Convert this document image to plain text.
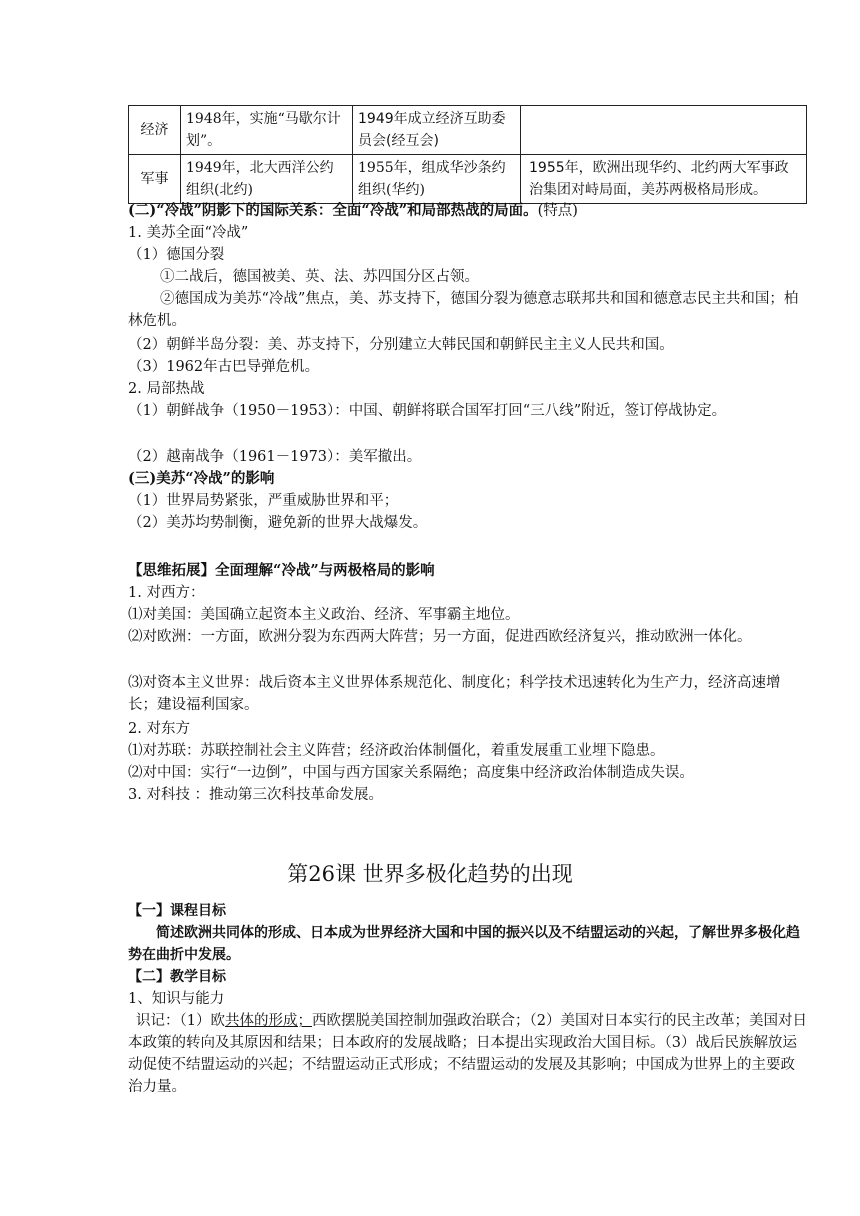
经济	1948年，实施“马歇尔计划”。	1949年成立经济互助委员会(经互会)	
军事	1949年，北大西洋公约组织(北约)	1955年，组成华沙条约组织(华约)	1955年，欧洲出现华约、北约两大军事政治集团对峙局面，美苏两极格局形成。
(二)“冷战”阴影下的国际关系：全面“冷战”和局部热战的局面。(特点)
1. 美苏全面“冷战”
（1）德国分裂
①二战后，德国被美、英、法、苏四国分区占领。
②德国成为美苏“冷战”焦点，美、苏支持下，德国分裂为德意志联邦共和国和德意志民主共和国；柏林危机。
（2）朝鲜半岛分裂：美、苏支持下，分别建立大韩民国和朝鲜民主主义人民共和国。
（3）1962年古巴导弹危机。
2. 局部热战
（1）朝鲜战争（1950－1953）：中国、朝鲜将联合国军打回“三八线”附近，签订停战协定。
（2）越南战争（1961－1973）：美军撤出。
(三)美苏“冷战”的影响
（1）世界局势紧张，严重威胁世界和平；
（2）美苏均势制衡，避免新的世界大战爆发。
【思维拓展】全面理解“冷战”与两极格局的影响
1. 对西方：
⑴对美国：美国确立起资本主义政治、经济、军事霸主地位。
⑵对欧洲：一方面，欧洲分裂为东西两大阵营；另一方面，促进西欧经济复兴，推动欧洲一体化。
⑶对资本主义世界：战后资本主义世界体系规范化、制度化；科学技术迅速转化为生产力，经济高速增长；建设福利国家。
2. 对东方
⑴对苏联：苏联控制社会主义阵营；经济政治体制僵化，着重发展重工业埋下隐患。
⑵对中国：实行“一边倒”，中国与西方国家关系隔绝；高度集中经济政治体制造成失误。
3. 对科技 ：推动第三次科技革命发展。
第26课 世界多极化趋势的出现
【一】课程目标
简述欧洲共同体的形成、日本成为世界经济大国和中国的振兴以及不结盟运动的兴起，了解世界多极化趋势在曲折中发展。
【二】教学目标
1、知识与能力
识记：（1）欧共体的形成；西欧摆脱美国控制加强政治联合；（2）美国对日本实行的民主改革；美国对日本政策的转向及其原因和结果；日本政府的发展战略；日本提出实现政治大国目标。（3）战后民族解放运动促使不结盟运动的兴起；不结盟运动正式形成；不结盟运动的发展及其影响；中国成为世界上的主要政治力量。
